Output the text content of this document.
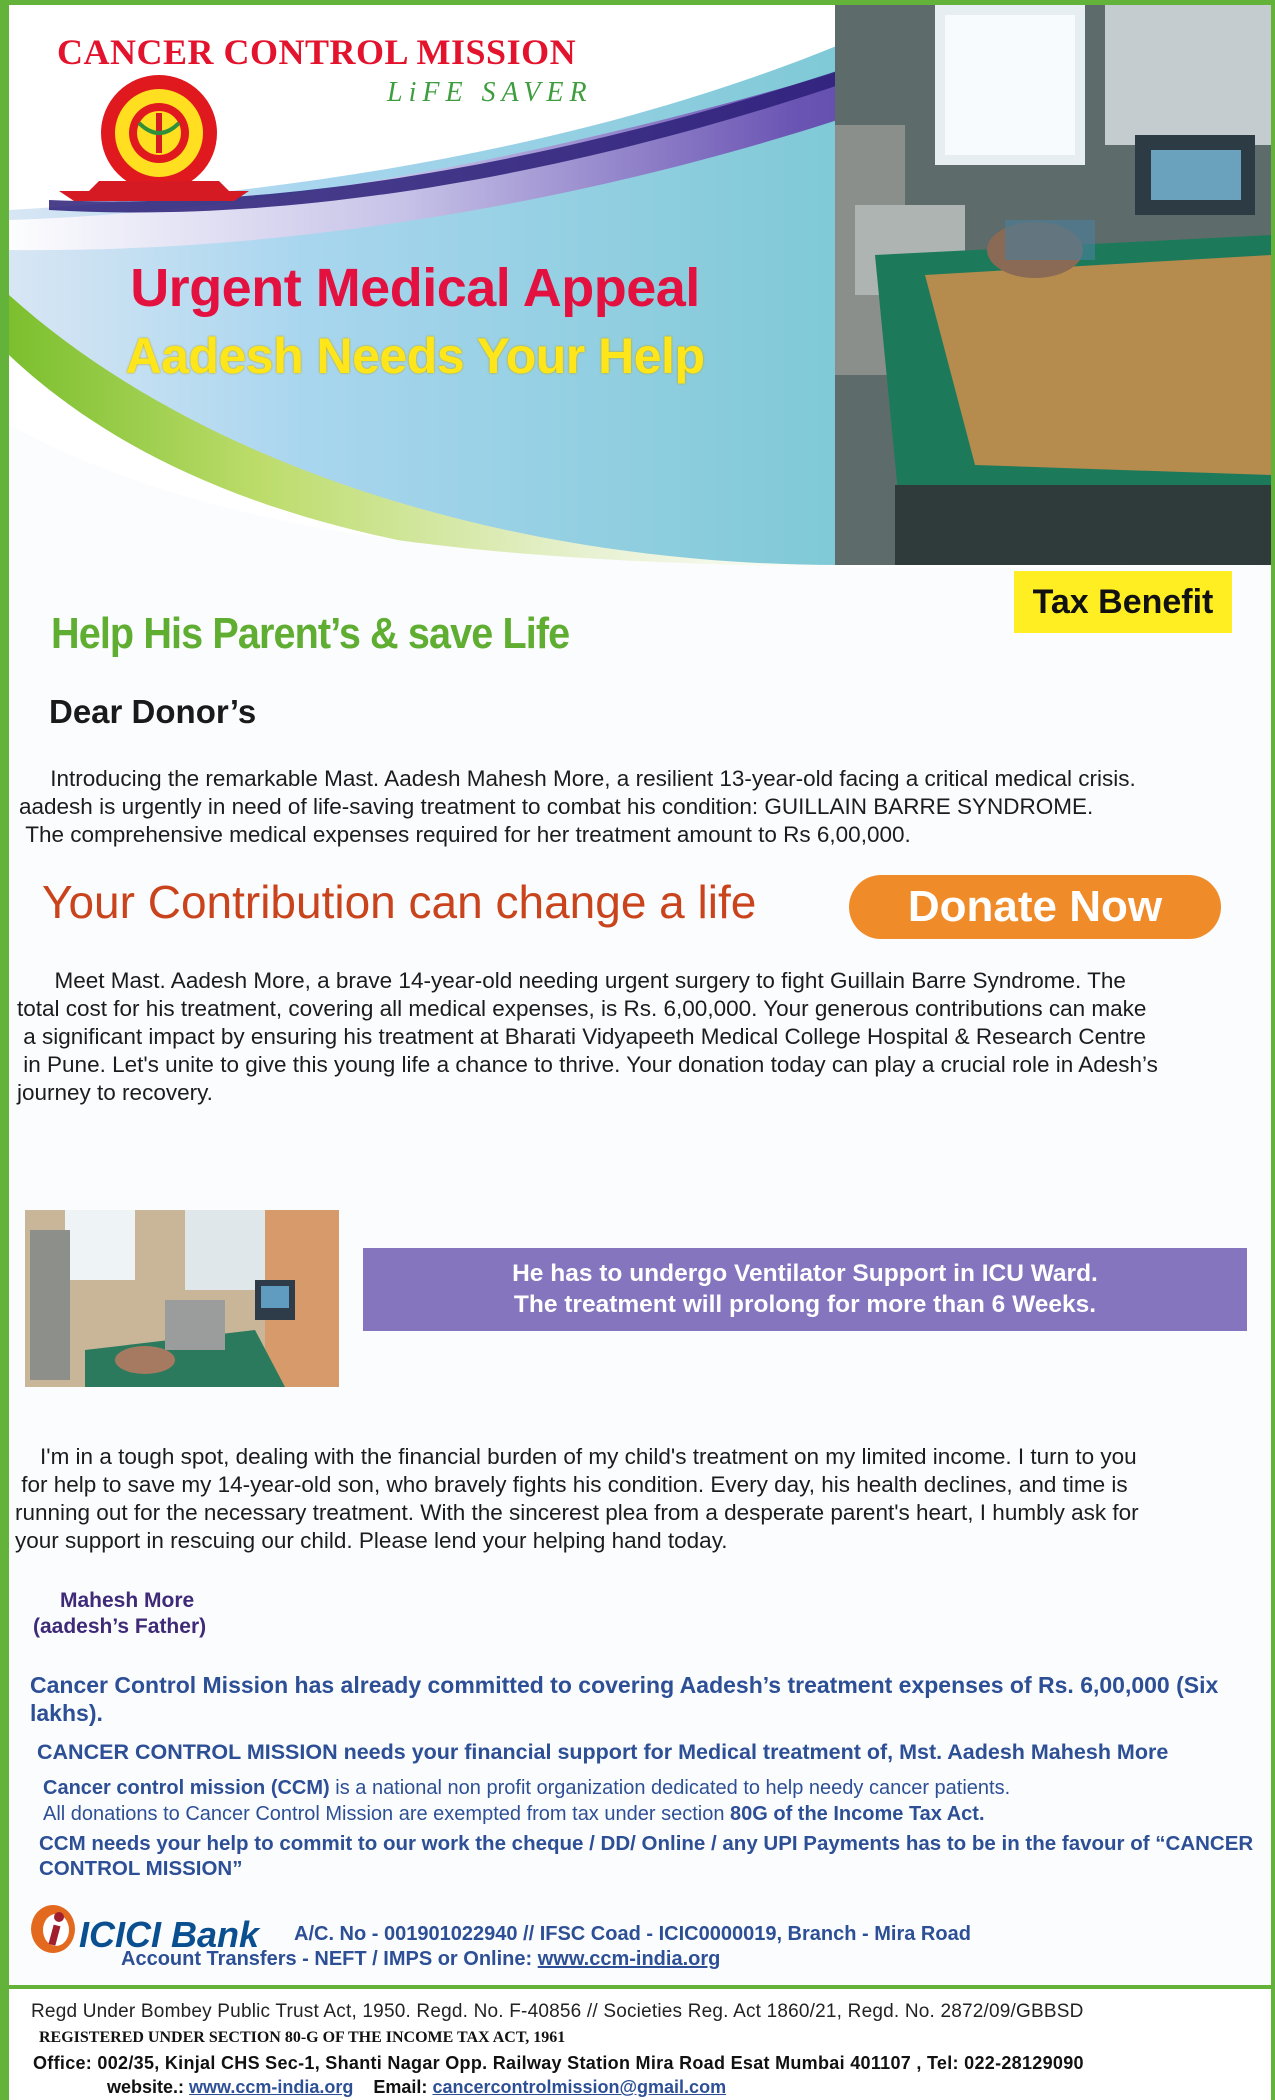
CANCER CONTROL MISSION
LiFE SAVER
Urgent Medical Appeal
Aadesh Needs Your Help
Tax Benefit
Help His Parent’s & save Life
Dear Donor’s
Introducing the remarkable Mast. Aadesh Mahesh More, a resilient 13-year-old facing a critical medical crisis.
aadesh is urgently in need of life-saving treatment to combat his condition: GUILLAIN BARRE SYNDROME.
The comprehensive medical expenses required for her treatment amount to Rs 6,00,000.
Your Contribution can change a life	Donate Now
Meet Mast. Aadesh More, a brave 14-year-old needing urgent surgery to fight Guillain Barre Syndrome. The
total cost for his treatment, covering all medical expenses, is Rs. 6,00,000. Your generous contributions can make
a significant impact by ensuring his treatment at Bharati Vidyapeeth Medical College Hospital & Research Centre
in Pune. Let's unite to give this young life a chance to thrive. Your donation today can play a crucial role in Adesh’s
journey to recovery.
He has to undergo Ventilator Support in ICU Ward.
The treatment will prolong for more than 6 Weeks.
I'm in a tough spot, dealing with the financial burden of my child's treatment on my limited income. I turn to you
for help to save my 14-year-old son, who bravely fights his condition. Every day, his health declines, and time is
running out for the necessary treatment. With the sincerest plea from a desperate parent's heart, I humbly ask for
your support in rescuing our child. Please lend your helping hand today.
Mahesh More
(aadesh’s Father)
Cancer Control Mission has already committed to covering Aadesh’s treatment expenses of Rs. 6,00,000 (Six lakhs).
CANCER CONTROL MISSION needs your financial support for Medical treatment of, Mst. Aadesh Mahesh More
Cancer control mission (CCM) is a national non profit organization dedicated to help needy cancer patients.
All donations to Cancer Control Mission are exempted from tax under section 80G of the Income Tax Act.
CCM needs your help to commit to our work the cheque / DD/ Online / any UPI Payments has to be in the favour of “CANCER CONTROL MISSION”
ICICI Bank A/C. No - 001901022940 // IFSC Coad - ICIC0000019, Branch - Mira Road
Account Transfers - NEFT / IMPS or Online: www.ccm-india.org
Regd Under Bombey Public Trust Act, 1950. Regd. No. F-40856 // Societies Reg. Act 1860/21, Regd. No. 2872/09/GBBSD
REGISTERED UNDER SECTION 80-G OF THE INCOME TAX ACT, 1961
Office: 002/35, Kinjal CHS Sec-1, Shanti Nagar Opp. Railway Station Mira Road Esat Mumbai 401107 , Tel: 022-28129090
website.: www.ccm-india.org Email: cancercontrolmission@gmail.com
